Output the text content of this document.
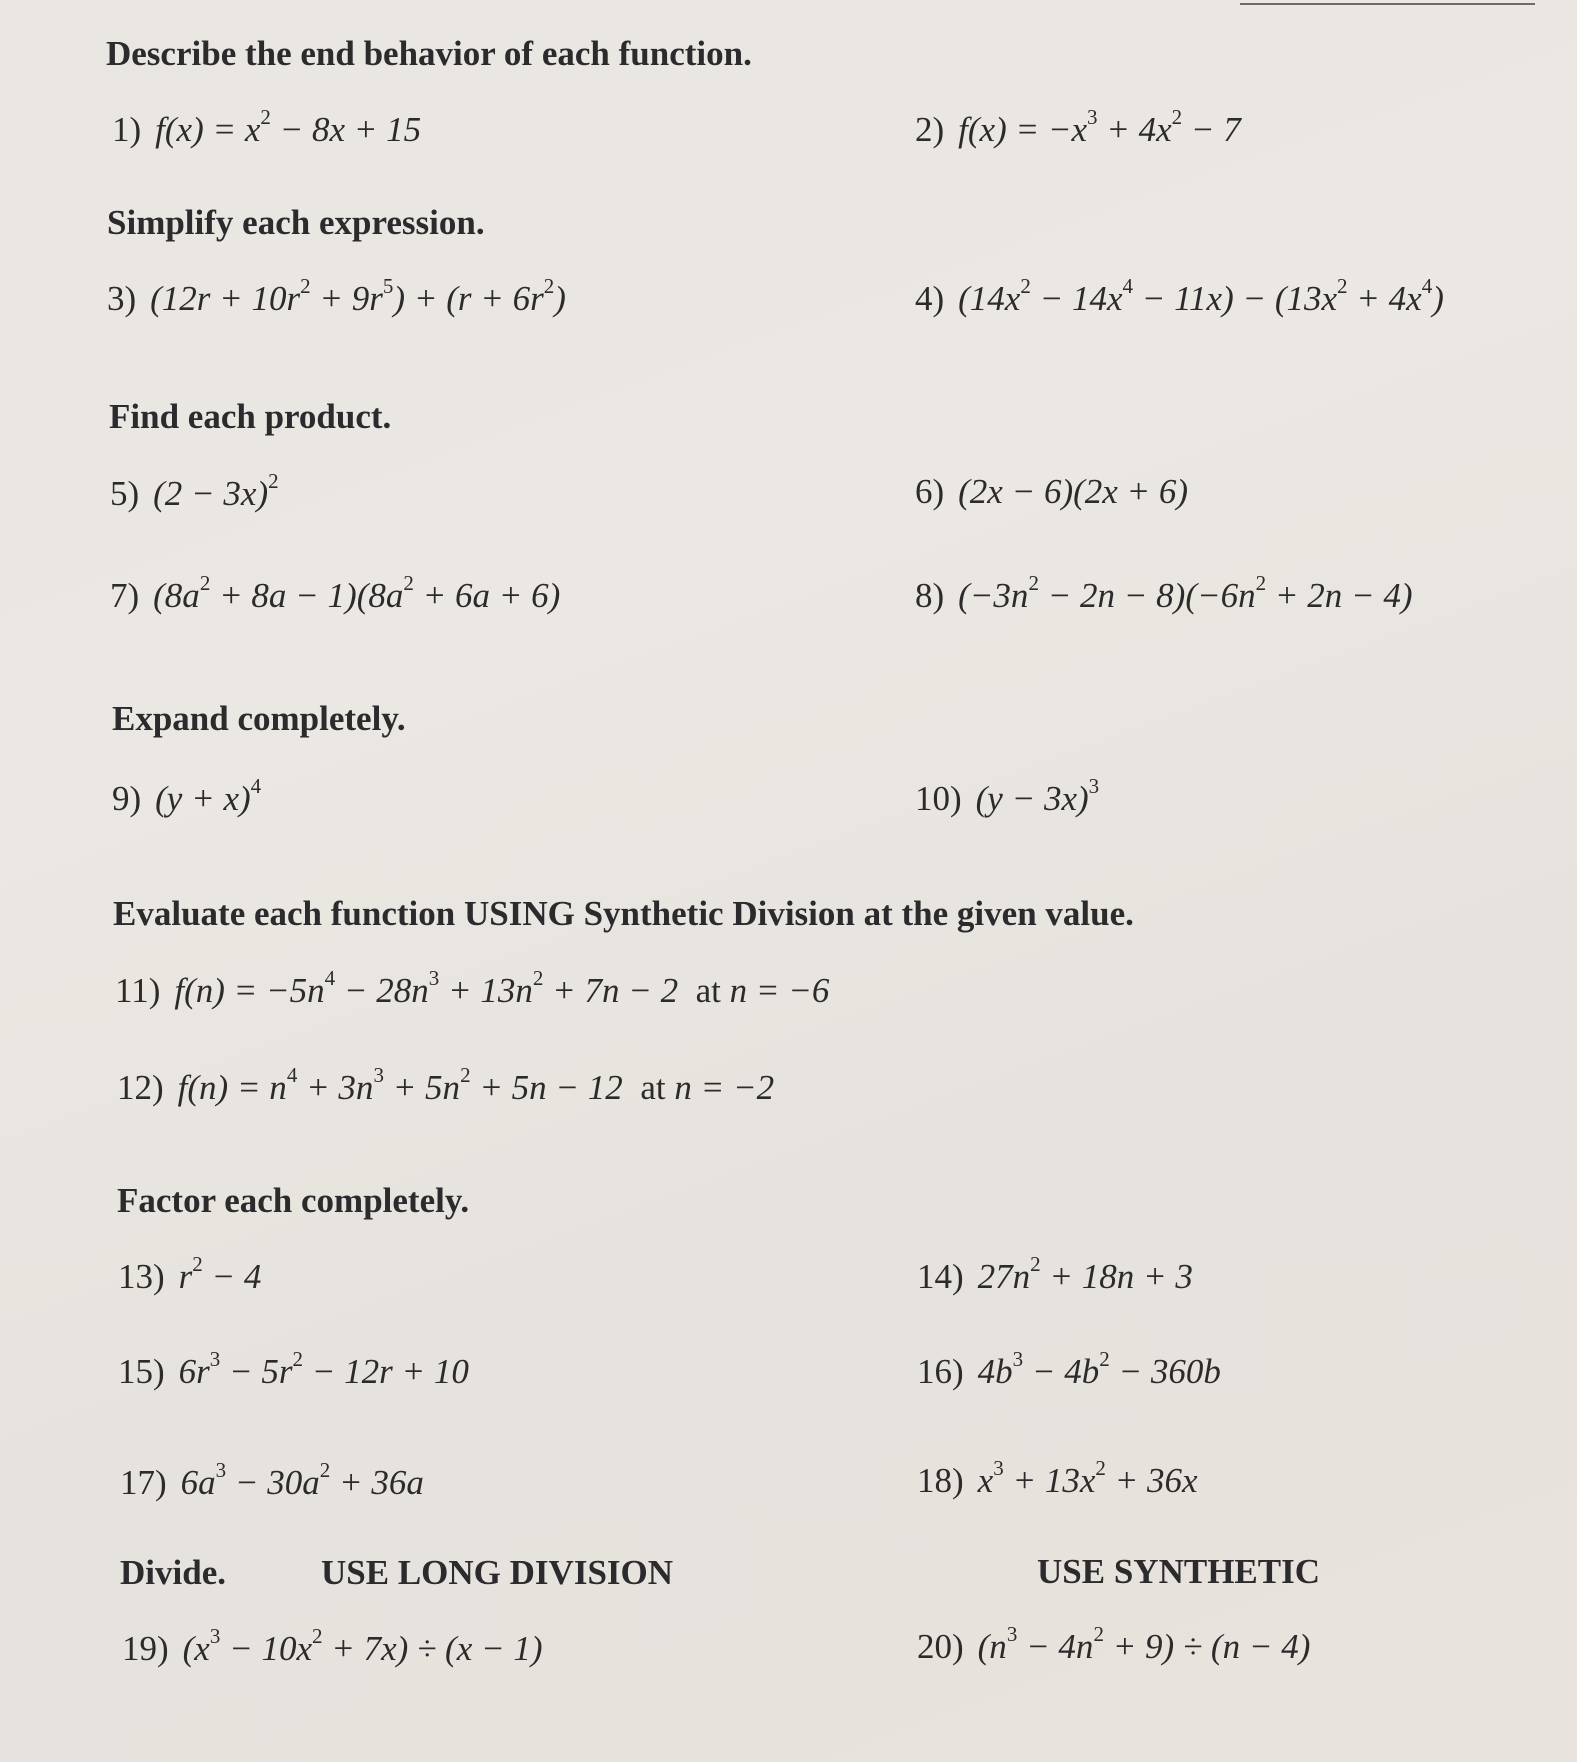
Describe the end behavior of each function.
Simplify each expression.
Find each product.
Expand completely.
Evaluate each function USING Synthetic Division at the given value.
Factor each completely.
Divide.	USE LONG DIVISION	USE SYNTHETIC
1) $f(x) = x^2 - 8x + 15$	2) $f(x) = -x^3 + 4x^2 - 7$
3) $(12r + 10r^2 + 9r^5) + (r + 6r^2)$	4) $(14x^2 - 14x^4 - 11x) - (13x^2 + 4x^4)$
5) $(2 - 3x)^2$	6) (2x − 6)(2x + 6)
7) $(8a^2 + 8a - 1)(8a^2 + 6a + 6)$	8) $(-3n^2 - 2n - 8)(-6n^2 + 2n - 4)$
9) $(y + x)^4$	10) $(y - 3x)^3$
11) $f(n) = -5n^4 - 28n^3 + 13n^2 + 7n - 2$  at n = −6
12) $f(n) = n^4 + 3n^3 + 5n^2 + 5n - 12$  at n = −2
13) $r^2 - 4$	14) $27n^2 + 18n + 3$
15) $6r^3 - 5r^2 - 12r + 10$	16) $4b^3 - 4b^2 - 360b$
17) $6a^3 - 30a^2 + 36a$	18) $x^3 + 13x^2 + 36x$
19) $(x^3 - 10x^2 + 7x) \div (x - 1)$	20) $(n^3 - 4n^2 + 9) \div (n - 4)$
